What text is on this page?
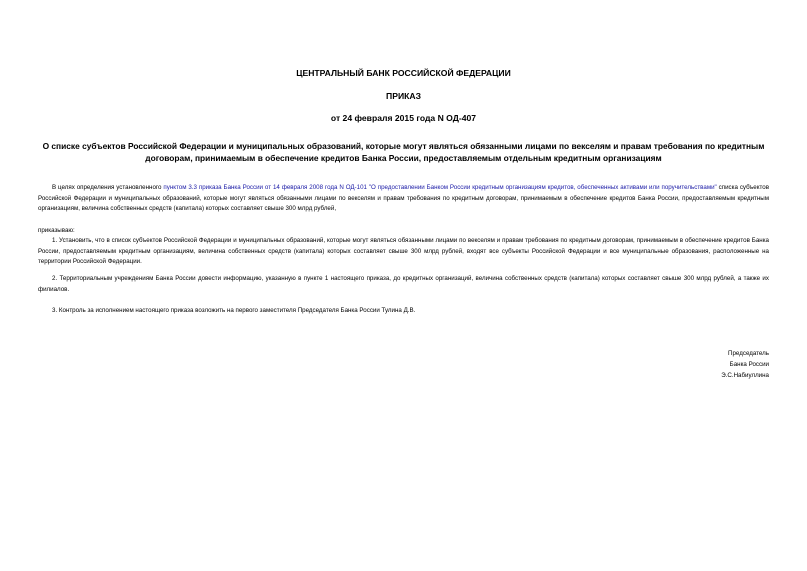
ЦЕНТРАЛЬНЫЙ БАНК РОССИЙСКОЙ ФЕДЕРАЦИИ

ПРИКАЗ

от 24 февраля 2015 года N ОД-407

О списке субъектов Российской Федерации и муниципальных образований, которые могут являться обязанными лицами по векселям и правам требования по кредитным договорам, принимаемым в обеспечение кредитов Банка России, предоставляемым отдельным кредитным организациям

В целях определения установленного пунктом 3.3 приказа Банка России от 14 февраля 2008 года N ОД-101 "О предоставлении Банком России кредитным организациям кредитов, обеспеченных активами или поручительствами" списка субъектов Российской Федерации и муниципальных образований, которые могут являться обязанными лицами по векселям и правам требования по кредитным договорам, принимаемым в обеспечение кредитов Банка России, предоставляемым кредитным организациям, величина собственных средств (капитала) которых составляет свыше 300 млрд рублей,

приказываю:

1. Установить, что в список субъектов Российской Федерации и муниципальных образований, которые могут являться обязанными лицами по векселям и правам требования по кредитным договорам, принимаемым в обеспечение кредитов Банка России, предоставляемым кредитным организациям, величина собственных средств (капитала) которых составляет свыше 300 млрд рублей, входят все субъекты Российской Федерации и все муниципальные образования, расположенные на территории Российской Федерации.

2. Территориальным учреждениям Банка России довести информацию, указанную в пункте 1 настоящего приказа, до кредитных организаций, величина собственных средств (капитала) которых составляет свыше 300 млрд рублей, а также их филиалов.

3. Контроль за исполнением настоящего приказа возложить на первого заместителя Председателя Банка России Тулина Д.В.

Председатель
Банка России
Э.С.Набиуллина
